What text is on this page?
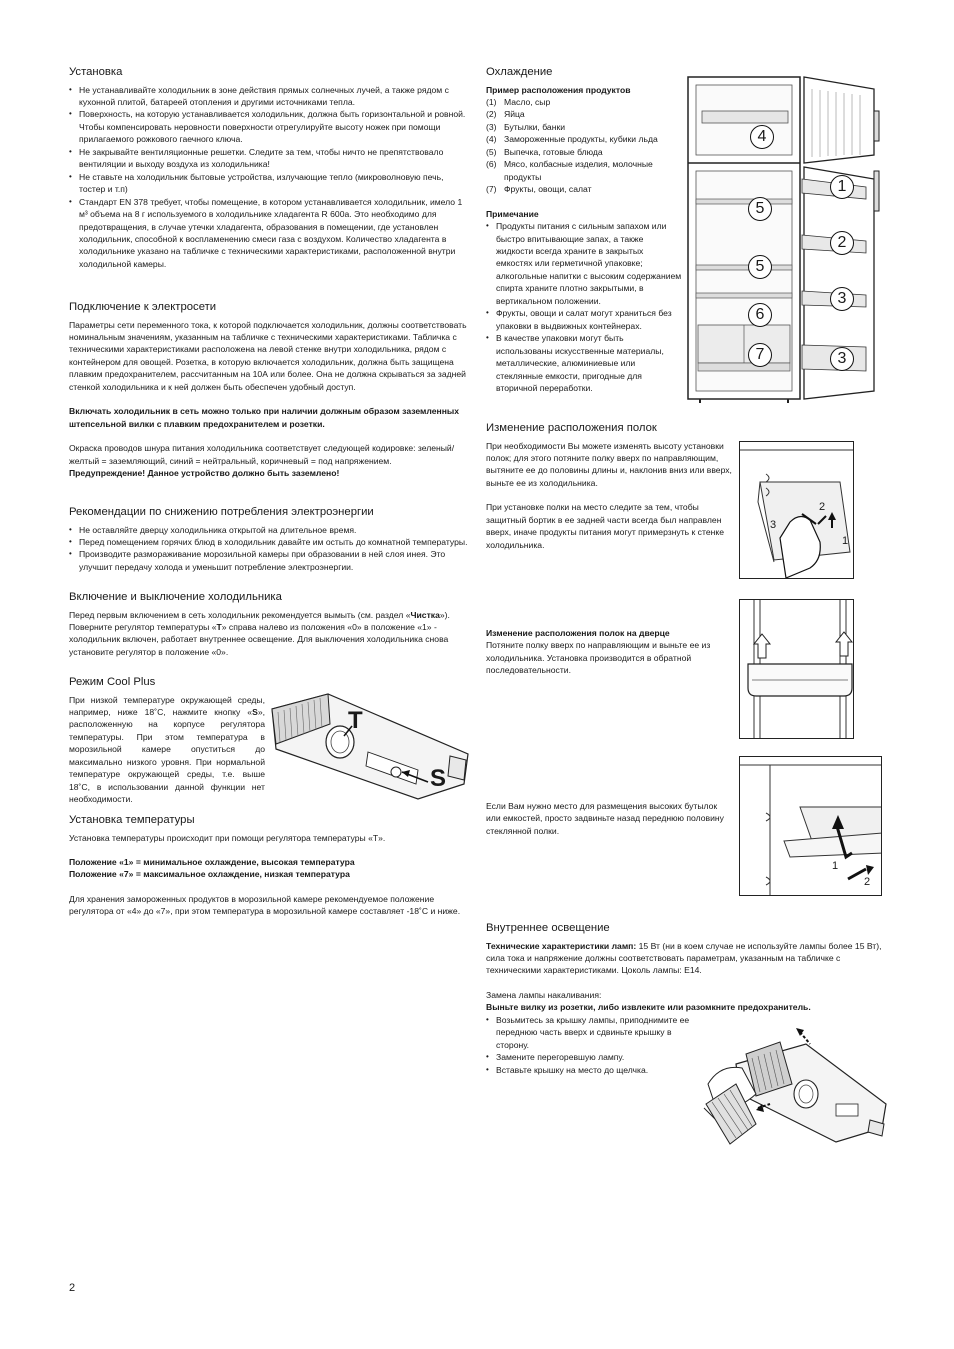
Установка
• Не устанавливайте холодильник в зоне действия прямых солнечных лучей, а также рядом с кухонной плитой, батареей отопления и другими источниками тепла.
• Поверхность, на которую устанавливается холодильник, должна быть горизонтальной и ровной. Чтобы компенсировать неровности поверхности отрегулируйте высоту ножек при помощи прилагаемого рожкового гаечного ключа.
• Не закрывайте вентиляционные решетки. Следите за тем, чтобы ничто не препятствовало вентиляции и выходу воздуха из холодильника!
• Не ставьте на холодильник бытовые устройства, излучающие тепло (микроволновую печь, тостер и т.п)
• Стандарт EN 378 требует, чтобы помещение, в котором устанавливается холодильник, имело 1 м³ объема на 8 г используемого в холодильнике хладагента R 600a. Это необходимо для предотвращения, в случае утечки хладагента, образования в помещении, где установлен холодильник, способной к воспламенению смеси газа с воздухом. Количество хладагента в холодильнике указано на табличке с техническими характеристиками, расположенной внутри холодильной камеры.
Подключение к электросети

Параметры сети переменного тока, к которой подключается холодильник, должны соответствовать номинальным значениям, указанным на табличке с техническими характеристиками. Табличка с техническими характеристиками расположена на левой стенке внутри холодильника, рядом с контейнером для овощей. Розетка, в которую включается холодильник, должна быть защищена плавким предохранителем, рассчитанным на 10А или более. Она не должна скрываться за задней стенкой холодильника и к ней должен быть обеспечен удобный доступ.

Включать холодильник в сеть можно только при наличии должным образом заземленных штепсельной вилки с плавким предохранителем и розетки.

Окраска проводов шнура питания холодильника соответствует следующей кодировке: зеленый/желтый = заземляющий, синий = нейтральный, коричневый = под напряжением.

Предупреждение! Данное устройство должно быть заземлено!

Рекомендации по снижению потребления электроэнергии
• Не оставляйте дверцу холодильника открытой на длительное время.
• Перед помещением горячих блюд в холодильник давайте им остыть до комнатной температуры.
• Производите размораживание морозильной камеры при образовании в ней слоя инея. Это улучшит передачу холода и уменьшит потребление электроэнергии.
Включение и выключение холодильника

Перед первым включением в сеть холодильник рекомендуется вымыть (см. раздел «Чистка»). Поверните регулятор температуры «T» справа налево из положения «0» в положение «1» - холодильник включен, работает внутреннее освещение. Для выключения холодильника снова установите регулятор в положение «0».

Режим Cool Plus

При низкой температуре окружающей среды, например, ниже 18˚C, нажмите кнопку «S», расположенную на корпусе регулятора температуры. При этом температура в морозильной камере опуститься до максимально низкого уровня. При нормальной температуре окружающей среды, т.е. выше 18˚C, в использовании данной функции нет необходимости.

Установка температуры

Установка температуры происходит при помощи регулятора температуры «T».

Положение «1» = минимальное охлаждение, высокая температура

Положение «7» = максимальное охлаждение, низкая температура

Для хранения замороженных продуктов в морозильной камере рекомендуемое положение регулятора от «4» до «7», при этом температура в морозильной камере составляет -18˚C и ниже.

T
S
Охлаждение

Пример расположения продуктов

(1) Масло, сыр
(2) Яйца
(3) Бутылки, банки
(4) Замороженные продукты, кубики льда
(5) Выпечка, готовые блюда
(6) Мясо, колбасные изделия, молочные продукты
(7) Фрукты, овощи, салат

Примечание

• Продукты питания с сильным запахом или быстро впитывающие запах, а также жидкости всегда храните в закрытых емкостях или герметичной упаковке; алкогольные напитки с высоким содержанием спирта храните плотно закрытыми, в вертикальном положении.
• Фрукты, овощи и салат могут храниться без упаковки в выдвижных контейнерах.
• В качестве упаковки могут быть использованы искусственные материалы, металлические, алюминиевые или стеклянные емкости, пригодные для вторичной переработки.
Изменение расположения полок

При необходимости Вы можете изменять высоту установки полок; для этого потяните полку вверх по направляющим, вытяните ее до половины длины и, наклонив вниз или вверх, выньте ее из холодильника.

При установке полки на место следите за тем, чтобы защитный бортик в ее задней части всегда был направлен вверх, иначе продукты питания могут примерзнуть к стенке холодильника.

Изменение расположения полок на дверце

Потяните полку вверх по направляющим и выньте ее из холодильника. Установка производится в обратной последовательности.

Если Вам нужно место для размещения высоких бутылок или емкостей, просто задвиньте назад переднюю половину стеклянной полки.

Внутреннее освещение

Технические характеристики ламп: 15 Вт (ни в коем случае не используйте лампы более 15 Вт), сила тока и напряжение должны соответствовать параметрам, указанным на табличке с техническими характеристиками. Цоколь лампы: E14.

Замена лампы накаливания:

Выньте вилку из розетки, либо извлеките или разомкните предохранитель.

• Возьмитесь за крышку лампы, приподнимите ее переднюю часть вверх и сдвиньте крышку в сторону.
• Замените перегоревшую лампу.
• Вставьте крышку на место до щелчка.
1
2
3
3
4
5
5
6
7
3
2
1
1
2
2
